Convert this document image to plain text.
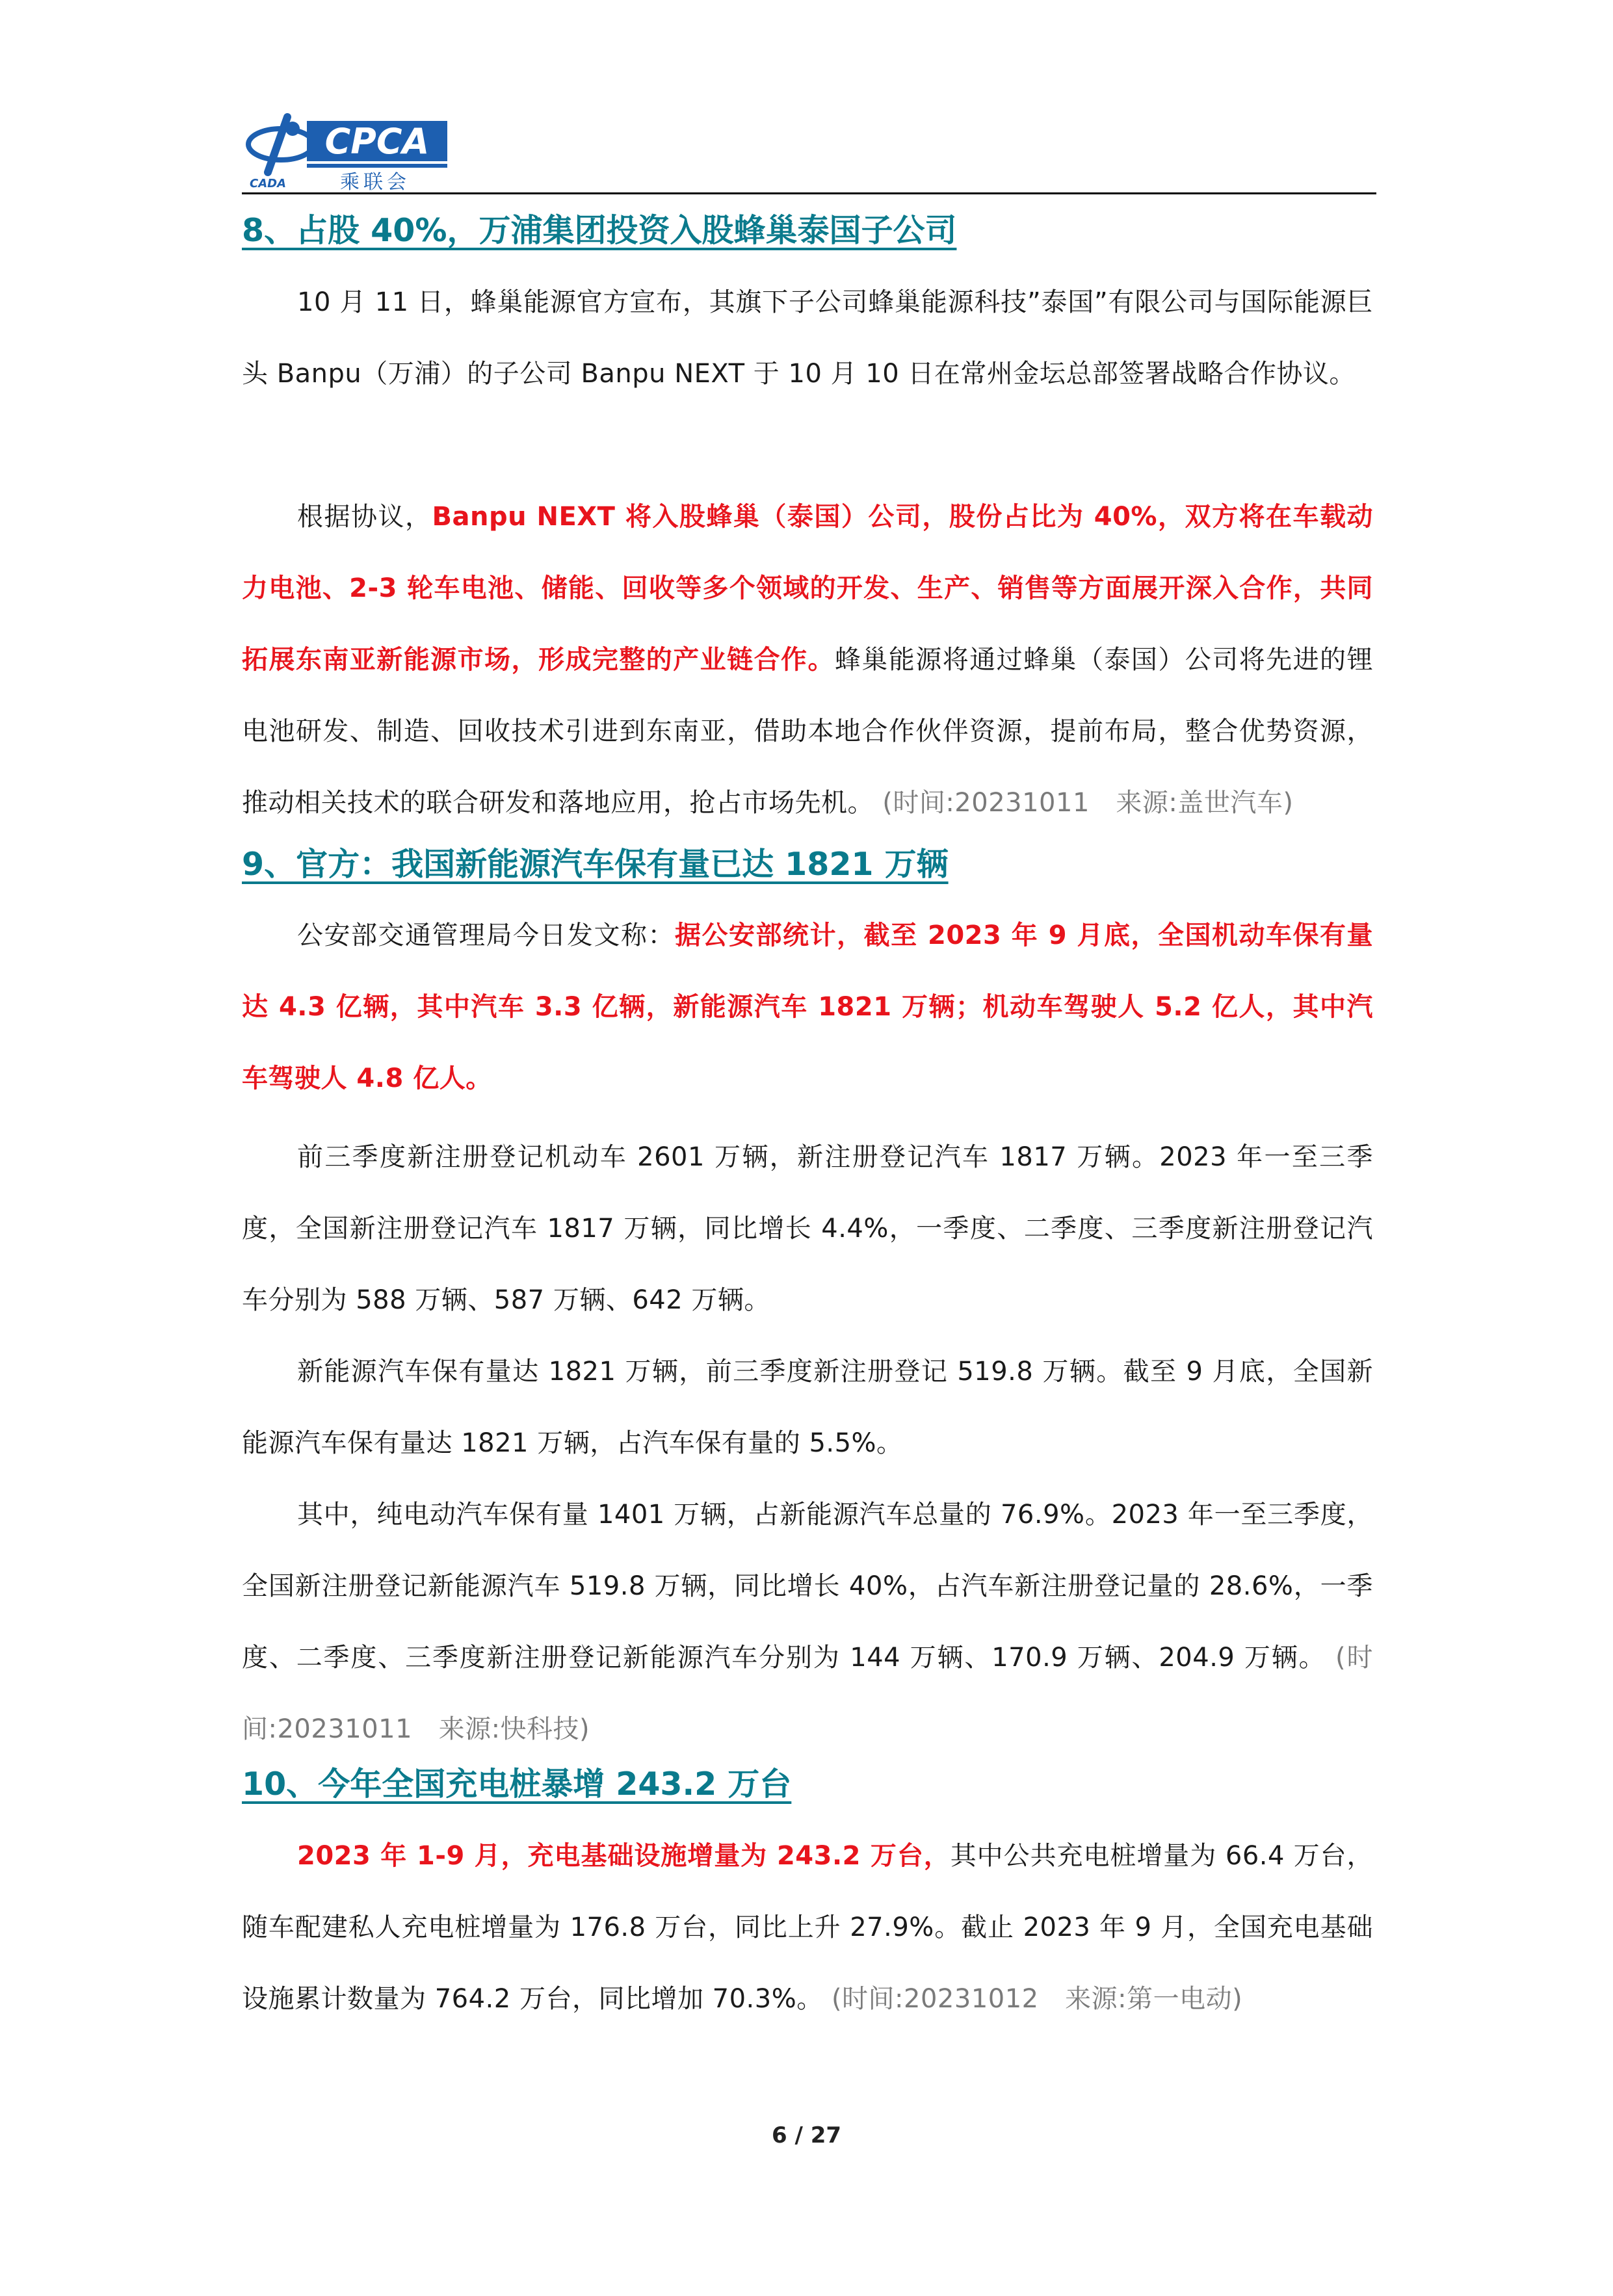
CPCA
乘联会
CADA
8、占股 40%，万浦集团投资入股蜂巢泰国子公司

10 月 11 日，蜂巢能源官方宣布，其旗下子公司蜂巢能源科技”泰国”有限公司与国际能源巨头 Banpu（万浦）的子公司 Banpu NEXT 于 10 月 10 日在常州金坛总部签署战略合作协议。

根据协议，Banpu NEXT 将入股蜂巢（泰国）公司，股份占比为 40%，双方将在车载动力电池、2-3 轮车电池、储能、回收等多个领域的开发、生产、销售等方面展开深入合作，共同拓展东南亚新能源市场，形成完整的产业链合作。蜂巢能源将通过蜂巢（泰国）公司将先进的锂电池研发、制造、回收技术引进到东南亚，借助本地合作伙伴资源，提前布局，整合优势资源，推动相关技术的联合研发和落地应用，抢占市场先机。 (时间:20231011　来源:盖世汽车)

9、官方：我国新能源汽车保有量已达 1821 万辆

公安部交通管理局今日发文称：据公安部统计，截至 2023 年 9 月底，全国机动车保有量达 4.3 亿辆，其中汽车 3.3 亿辆，新能源汽车 1821 万辆；机动车驾驶人 5.2 亿人，其中汽车驾驶人 4.8 亿人。

前三季度新注册登记机动车 2601 万辆，新注册登记汽车 1817 万辆。2023 年一至三季度，全国新注册登记汽车 1817 万辆，同比增长 4.4%，一季度、二季度、三季度新注册登记汽车分别为 588 万辆、587 万辆、642 万辆。

新能源汽车保有量达 1821 万辆，前三季度新注册登记 519.8 万辆。截至 9 月底，全国新能源汽车保有量达 1821 万辆，占汽车保有量的 5.5%。

其中，纯电动汽车保有量 1401 万辆，占新能源汽车总量的 76.9%。2023 年一至三季度，全国新注册登记新能源汽车 519.8 万辆，同比增长 40%，占汽车新注册登记量的 28.6%，一季度、二季度、三季度新注册登记新能源汽车分别为 144 万辆、170.9 万辆、204.9 万辆。 (时间:20231011　来源:快科技)

10、今年全国充电桩暴增 243.2 万台

2023 年 1-9 月，充电基础设施增量为 243.2 万台，其中公共充电桩增量为 66.4 万台，随车配建私人充电桩增量为 176.8 万台，同比上升 27.9%。截止 2023 年 9 月，全国充电基础设施累计数量为 764.2 万台，同比增加 70.3%。 (时间:20231012　来源:第一电动)

6 / 27
